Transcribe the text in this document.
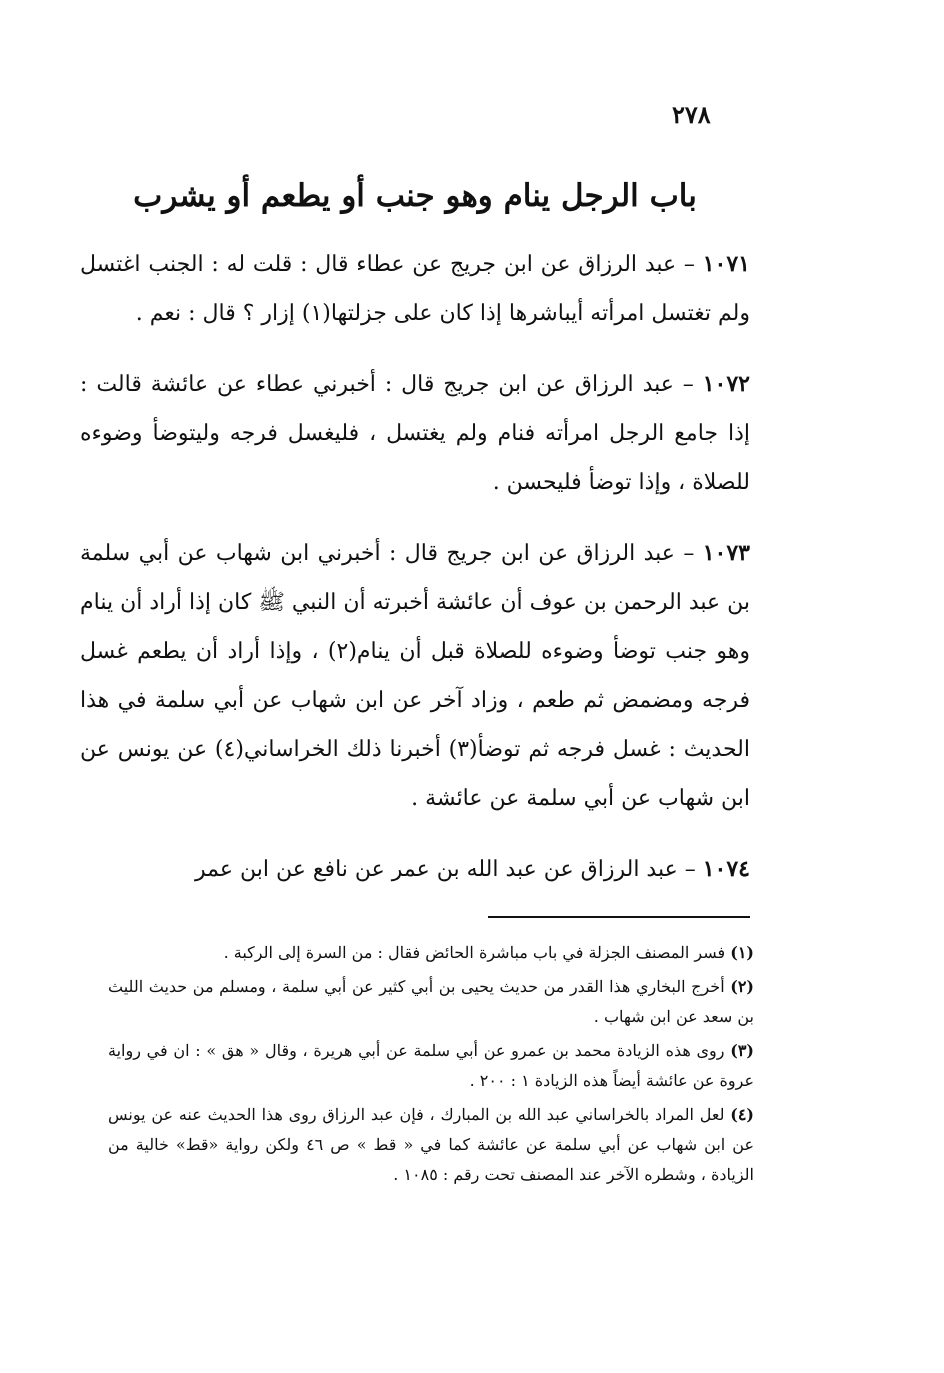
٢٧٨
باب الرجل ينام وهو جنب أو يطعم أو يشرب

١٠٧١ – عبد الرزاق عن ابن جريج عن عطاء قال : قلت له : الجنب اغتسل ولم تغتسل امرأته أيباشرها إذا كان على جزلتها(١) إزار ؟ قال : نعم .

١٠٧٢ – عبد الرزاق عن ابن جريج قال : أخبرني عطاء عن عائشة قالت : إذا جامع الرجل امرأته فنام ولم يغتسل ، فليغسل فرجه وليتوضأ وضوءه للصلاة ، وإذا توضأ فليحسن .

١٠٧٣ – عبد الرزاق عن ابن جريج قال : أخبرني ابن شهاب عن أبي سلمة بن عبد الرحمن بن عوف أن عائشة أخبرته أن النبي ﷺ كان إذا أراد أن ينام وهو جنب توضأ وضوءه للصلاة قبل أن ينام(٢) ، وإذا أراد أن يطعم غسل فرجه ومضمض ثم طعم ، وزاد آخر عن ابن شهاب عن أبي سلمة في هذا الحديث : غسل فرجه ثم توضأ(٣) أخبرنا ذلك الخراساني(٤) عن يونس عن ابن شهاب عن أبي سلمة عن عائشة .

١٠٧٤ – عبد الرزاق عن عبد الله بن عمر عن نافع عن ابن عمر

(١) فسر المصنف الجزلة في باب مباشرة الحائض فقال : من السرة إلى الركبة .

(٢) أخرج البخاري هذا القدر من حديث يحيى بن أبي كثير عن أبي سلمة ، ومسلم من حديث الليث بن سعد عن ابن شهاب .

(٣) روى هذه الزيادة محمد بن عمرو عن أبي سلمة عن أبي هريرة ، وقال « هق » : ان في رواية عروة عن عائشة أيضاً هذه الزيادة ١ : ٢٠٠ .

(٤) لعل المراد بالخراساني عبد الله بن المبارك ، فإن عبد الرزاق روى هذا الحديث عنه عن يونس عن ابن شهاب عن أبي سلمة عن عائشة كما في « قط » ص ٤٦ ولكن رواية «قط» خالية من الزيادة ، وشطره الآخر عند المصنف تحت رقم : ١٠٨٥ .
